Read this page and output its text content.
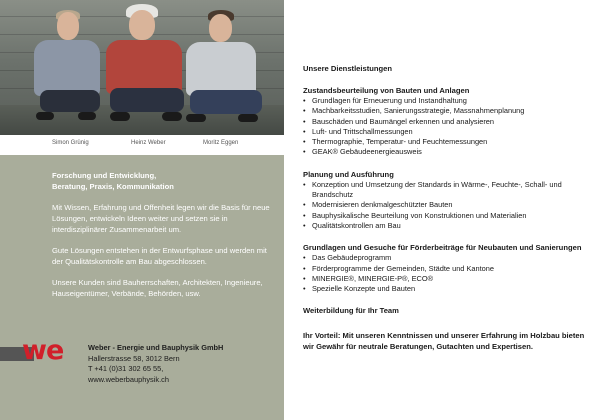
Simon Grünig	Heinz Weber	Moritz Eggen
Forschung und Entwicklung,
Beratung, Praxis, Kommunikation

Mit Wissen, Erfahrung und Offenheit legen wir die Basis für neue Lösungen, entwickeln Ideen weiter und setzen sie in interdisziplinärer Zusammenarbeit um.

Gute Lösungen entstehen in der Entwurfsphase und werden mit der Qualitätskontrolle am Bau abgeschlossen.

Unsere Kunden sind Bauherrschaften, Architekten, Ingenieure, Hauseigentümer, Verbände, Behörden, usw.

w e	Weber - Energie und Bauphysik GmbH
Hallerstrasse 58, 3012 Bern
T +41 (0)31 302 65 55,
www.weberbauphysik.ch
Unsere Dienstleistungen
Zustandsbeurteilung von Bauten und Anlagen
• Grundlagen für Erneuerung und Instandhaltung
• Machbarkeitsstudien, Sanierungsstrategie, Massnahmenplanung
• Bauschäden und Baumängel erkennen und analysieren
• Luft- und Trittschallmessungen
• Thermographie, Temperatur- und Feuchtemessungen
• GEAK® Gebäudeenergieausweis
Planung und Ausführung
• Konzeption und Umsetzung der Standards in Wärme-, Feuchte-, Schall- und Brandschutz
• Modernisieren denkmalgeschützter Bauten
• Bauphysikalische Beurteilung von Konstruktionen und Materialien
• Qualitätskontrollen am Bau
Grundlagen und Gesuche für Förderbeiträge für Neubauten und Sanierungen
• Das Gebäudeprogramm
• Förderprogramme der Gemeinden, Städte und Kantone
• MINERGIE®, MINERGIE-P®, ECO®
• Spezielle Konzepte und Bauten
Weiterbildung für Ihr Team
Ihr Vorteil: Mit unseren Kenntnissen und unserer Erfahrung im Holzbau bieten wir Gewähr für neutrale Beratungen, Gutachten und Expertisen.
